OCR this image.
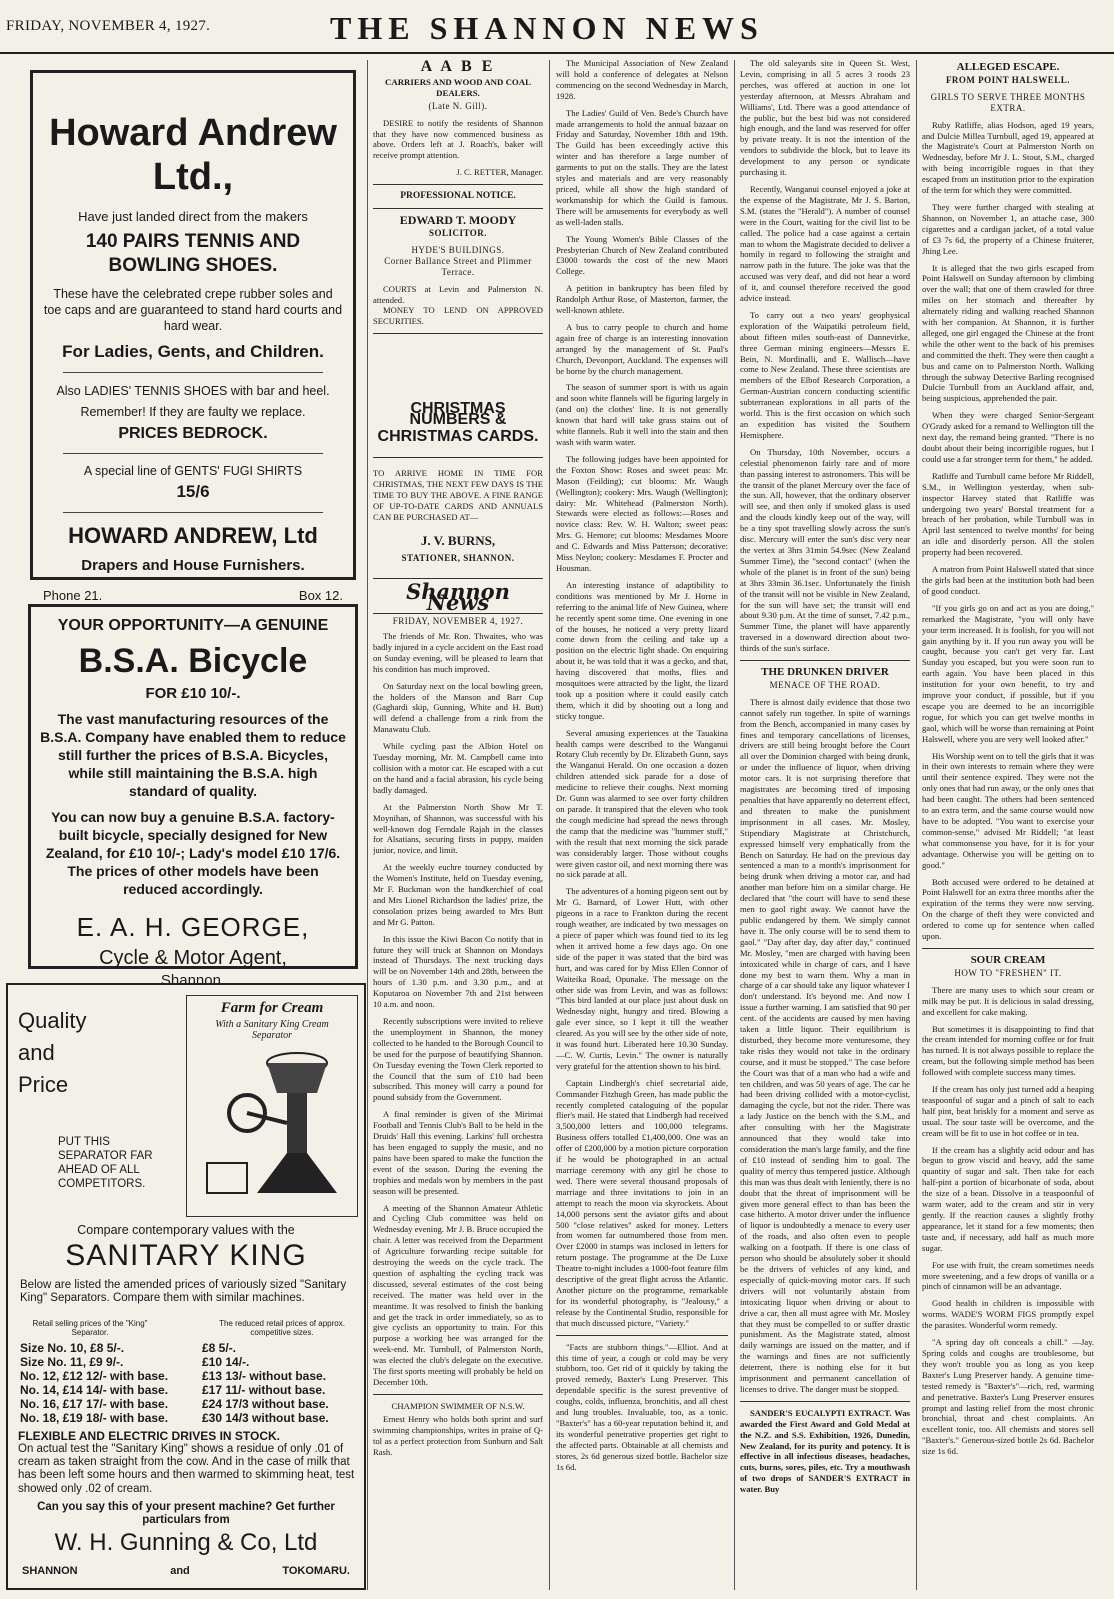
FRIDAY, NOVEMBER 4, 1927.	THE SHANNON NEWS
Howard Andrew Ltd.,
Have just landed direct from the makers
140 PAIRS TENNIS AND BOWLING SHOES.
These have the celebrated crepe rubber soles and toe caps and are guaranteed to stand hard courts and hard wear.
For Ladies, Gents, and Children.
Also LADIES' TENNIS SHOES with bar and heel.
Remember! If they are faulty we replace.
PRICES BEDROCK.
A special line of GENTS' FUGI SHIRTS
15/6
HOWARD ANDREW, Ltd
Drapers and House Furnishers.
Phone 21.	Box 12.
YOUR OPPORTUNITY—A GENUINE
B.S.A. Bicycle
FOR £10 10/-.
The vast manufacturing resources of the B.S.A. Company have enabled them to reduce still further the prices of B.S.A. Bicycles, while still maintaining the B.S.A. high standard of quality.
You can now buy a genuine B.S.A. factory-built bicycle, specially designed for New Zealand, for £10 10/-; Lady's model £10 17/6. The prices of other models have been reduced accordingly.
E. A. H. GEORGE,
Cycle & Motor Agent,
Shannon.
Quality
and
Price
PUT THIS SEPARATOR FAR AHEAD OF ALL COMPETITORS.
Farm for Cream
With a Sanitary King Cream Separator
Compare contemporary values with the
SANITARY KING
Below are listed the amended prices of variously sized "Sanitary King" Separators. Compare them with similar machines.
Retail selling prices of the "King" Separator.
The reduced retail prices of approx. competitive sizes.
Size No. 10, £8 5/-.	£8 5/-.
Size No. 11, £9 9/-.	£10 14/-.
No. 12, £12 12/- with base.	£13 13/- without base.
No. 14, £14 14/- with base.	£17 11/- without base.
No. 16, £17 17/- with base.	£24 17/3 without base.
No. 18, £19 18/- with base.	£30 14/3 without base.
FLEXIBLE AND ELECTRIC DRIVES IN STOCK.
On actual test the "Sanitary King" shows a residue of only .01 of cream as taken straight from the cow. And in the case of milk that has been left some hours and then warmed to skimming heat, test showed only .02 of cream.
Can you say this of your present machine? Get further particulars from
W. H. Gunning & Co, Ltd
SHANNON	and	TOKOMARU.
A A B E
CARRIERS AND WOOD AND COAL DEALERS.
(Late N. Gill).

DESIRE to notify the residents of Shannon that they have now commenced business as above. Orders left at J. Roach's, baker will receive prompt attention.

J. C. RETTER, Manager.
PROFESSIONAL NOTICE.
EDWARD T. MOODY
SOLICITOR.
HYDE'S BUILDINGS.
Corner Ballance Street and Plimmer Terrace.

COURTS at Levin and Palmerston N. attended.

MONEY TO LEND ON APPROVED SECURITIES.

CHRISTMAS NUMBERS &
CHRISTMAS CARDS.

TO ARRIVE HOME IN TIME FOR CHRISTMAS, THE NEXT FEW DAYS IS THE TIME TO BUY THE ABOVE. A FINE RANGE OF UP-TO-DATE CARDS AND ANNUALS CAN BE PURCHASED AT—

J. V. BURNS,
STATIONER, SHANNON.
Shannon News
FRIDAY, NOVEMBER 4, 1927.

The friends of Mr. Ron. Thwaites, who was badly injured in a cycle accident on the East road on Sunday evening, will be pleased to learn that his condition has much improved.

On Saturday next on the local bowling green, the holders of the Manson and Barr Cup (Gaghardi skip, Gunning, White and H. Butt) will defend a challenge from a rink from the Manawatu Club.

While cycling past the Albion Hotel on Tuesday morning, Mr. M. Campbell came into collision with a motor car. He escaped with a cut on the hand and a facial abrasion, his cycle being badly damaged.

At the Palmerston North Show Mr T. Moynihan, of Shannon, was successful with his well-known dog Ferndale Rajah in the classes for Alsatians, securing firsts in puppy, maiden junior, novice, and limit.

At the weekly euchre tourney conducted by the Women's Institute, held on Tuesday evening, Mr F. Buckman won the handkerchief of coal and Mrs Lionel Richardson the ladies' prize, the consolation prizes being awarded to Mrs Butt and Mr G. Patton.

In this issue the Kiwi Bacon Co notify that in future they will truck at Shannon on Mondays instead of Thursdays. The next trucking days will be on November 14th and 28th, between the hours of 1.30 p.m. and 3.30 p.m., and at Koputaroa on November 7th and 21st between 10 a.m. and noon.

Recently subscriptions were invited to relieve the unemployment in Shannon, the money collected to be handed to the Borough Council to be used for the purpose of beautifying Shannon. On Tuesday evening the Town Clerk reported to the Council that the sum of £10 had been subscribed. This money will carry a pound for pound subsidy from the Government.

A final reminder is given of the Mirimai Football and Tennis Club's Ball to be held in the Druids' Hall this evening. Larkins' full orchestra has been engaged to supply the music, and no pains have been spared to make the function the event of the season. During the evening the trophies and medals won by members in the past season will be presented.

A meeting of the Shannon Amateur Athletic and Cycling Club committee was held on Wednesday evening. Mr J. B. Bruce occupied the chair. A letter was received from the Department of Agriculture forwarding recipe suitable for destroying the weeds on the cycle track. The question of asphalting the cycling track was discussed, several estimates of the cost being received. The matter was held over in the meantime. It was resolved to finish the banking and get the track in order immediately, so as to give cyclists an opportunity to train. For this purpose a working bee was arranged for the week-end. Mr. Turnbull, of Palmerston North, was elected the club's delegate on the executive. The first sports meeting will probably be held on December 10th.

CHAMPION SWIMMER OF N.S.W.

Ernest Henry who holds both sprint and surf swimming championships, writes in praise of Q-tol as a perfect protection from Sunburn and Salt Rash.

The Municipal Association of New Zealand will hold a conference of delegates at Nelson commencing on the second Wednesday in March, 1928.

The Ladies' Guild of Ven. Bede's Church have made arrangements to hold the annual bazaar on Friday and Saturday, November 18th and 19th. The Guild has been exceedingly active this winter and has therefore a large number of garments to put on the stalls. They are the latest styles and materials and are very reasonably priced, while all show the high standard of workmanship for which the Guild is famous. There will be amusements for everybody as well as well-laden stalls.

The Young Women's Bible Classes of the Presbyterian Church of New Zealand contributed £3000 towards the cost of the new Maori College.

A petition in bankruptcy has been filed by Randolph Arthur Rose, of Masterton, farmer, the well-known athlete.

A bus to carry people to church and home again free of charge is an interesting innovation arranged by the management of St. Paul's Church, Devonport, Auckland. The expenses will be borne by the church management.

The season of summer sport is with us again and soon white flannels will be figuring largely in (and on) the clothes' line. It is not generally known that hard will take grass stains out of white flannels. Rub it well into the stain and then wash with warm water.

The following judges have been appointed for the Foxton Show: Roses and sweet peas: Mr. Mason (Feilding); cut blooms: Mr. Waugh (Wellington); cookery: Mrs. Waugh (Wellington); dairy: Mr. Whitehead (Palmerston North). Stewards were elected as follows:—Roses and novice class: Rev. W. H. Walton; sweet peas: Mrs. G. Hemore; cut blooms: Mesdames Moore and C. Edwards and Miss Patterson; decorative: Miss Neylon; cookery: Mesdames F. Procter and Housman.

An interesting instance of adaptibility to conditions was mentioned by Mr J. Horne in referring to the animal life of New Guinea, where he recently spent some time. One evening in one of the houses, he noticed a very pretty lizard come down from the ceiling and take up a position on the electric light shade. On enquiring about it, he was told that it was a gecko, and that, having discovered that moths, flies and mosquitoes were attracted by the light, the lizard took up a position where it could easily catch them, which it did by shooting out a long and sticky tongue.

Several amusing experiences at the Tauakina health camps were described to the Wanganui Rotary Club recently by Dr. Elizabeth Gunn, says the Wanganui Herald. On one occasion a dozen children attended sick parade for a dose of medicine to relieve their coughs. Next morning Dr. Gunn was alarmed to see over forty children on parade. It transpired that the eleven who took the cough medicine had spread the news through the camp that the medicine was "hummer stuff," with the result that next morning the sick parade was considerably larger. Those without coughs were given castor oil, and next morning there was no sick parade at all.

The adventures of a homing pigeon sent out by Mr G. Barnard, of Lower Hutt, with other pigeons in a race to Frankton during the recent rough weather, are indicated by two messages on a piece of paper which was found tied to its leg when it arrived home a few days ago. On one side of the paper it was stated that the bird was hurt, and was cared for by Miss Ellen Connor of Waiteika Road, Opunake. The message on the other side was from Levin, and was as follows: "This bird landed at our place just about dusk on Wednesday night, hungry and tired. Blowing a gale ever since, so I kept it till the weather cleared. As you will see by the other side of note, it was found hurt. Liberated here 10.30 Sunday.—C. W. Curtis, Levin." The owner is naturally very grateful for the attention shown to his bird.

Captain Lindbergh's chief secretarial aide, Commander Fitzhugh Green, has made public the recently completed cataloguing of the popular flier's mail. He stated that Lindbergh had received 3,500,000 letters and 100,000 telegrams. Business offers totalled £1,400,000. One was an offer of £200,000 by a motion picture corporation if he would be photographed in an actual marriage ceremony with any girl he chose to wed. There were several thousand proposals of marriage and three invitations to join in an attempt to reach the moon via skyrockets. About 14,000 persons sent the aviator gifts and about 500 "close relatives" asked for money. Letters from women far outnumbered those from men. Over £2000 in stamps was inclosed in letters for return postage. The programme at the De Luxe Theatre to-night includes a 1000-foot feature film descriptive of the great flight across the Atlantic. Another picture on the programme, remarkable for its wonderful photography, is "Jealousy," a release by the Continental Studio, responsible for that much discussed picture, "Variety."

"Facts are stubborn things."—Elliot. And at this time of year, a cough or cold may be very stubborn, too. Get rid of it quickly by taking the proved remedy, Baxter's Lung Preserver. This dependable specific is the surest preventive of coughs, colds, influenza, bronchitis, and all chest and lung troubles. Invaluable, too, as a tonic. "Baxter's" has a 60-year reputation behind it, and its wonderful penetrative properties get right to the affected parts. Obtainable at all chemists and stores, 2s 6d generous sized bottle. Bachelor size 1s 6d.

The old saleyards site in Queen St. West, Levin, comprising in all 5 acres 3 roods 23 perches, was offered at auction in one lot yesterday afternoon, at Messrs Abraham and Williams', Ltd. There was a good attendance of the public, but the best bid was not considered high enough, and the land was reserved for offer by private treaty. It is not the intention of the vendors to subdivide the block, but to leave its development to any person or syndicate purchasing it.

Recently, Wanganui counsel enjoyed a joke at the expense of the Magistrate, Mr J. S. Barton, S.M. (states the "Herald"). A number of counsel were in the Court, waiting for the civil list to be called. The police had a case against a certain man to whom the Magistrate decided to deliver a homily in regard to following the straight and narrow path in the future. The joke was that the accused was very deaf, and did not hear a word of it, and counsel therefore received the good advice instead.

To carry out a two years' geophysical exploration of the Waipatiki petroleum field, about fifteen miles south-east of Dannevirke, three German mining engineers—Messrs E. Bein, N. Mordinalli, and E. Wallisch—have come to New Zealand. These three scientists are members of the Elbof Research Corporation, a German-Austrian concern conducting scientific subterranean explorations in all parts of the world. This is the first occasion on which such an expedition has visited the Southern Hemisphere.

On Thursday, 10th November, occurs a celestial phenomenon fairly rare and of more than passing interest to astronomers. This will be the transit of the planet Mercury over the face of the sun. All, however, that the ordinary observer will see, and then only if smoked glass is used and the clouds kindly keep out of the way, will be a tiny spot travelling slowly across the sun's disc. Mercury will enter the sun's disc very near the vertex at 3hrs 31min 54.9sec (New Zealand Summer Time), the "second contact" (when the whole of the planet is in front of the sun) being at 3hrs 33min 36.1sec. Unfortunately the finish of the transit will not be visible in New Zealand, for the sun will have set; the transit will end about 9.30 p.m. At the time of sunset, 7.42 p.m., Summer Time, the planet will have apparently traversed in a downward direction about two-thirds of the sun's surface.

THE DRUNKEN DRIVER
MENACE OF THE ROAD.

There is almost daily evidence that those two cannot safely run together. In spite of warnings from the Bench, accompanied in many cases by fines and temporary cancellations of licenses, drivers are still being brought before the Court all over the Dominion charged with being drunk, or under the influence of liquor, when driving motor cars. It is not surprising therefore that magistrates are becoming tired of imposing penalties that have apparently no deterrent effect, and threaten to make the punishment imprisonment in all cases. Mr. Mosley, Stipendiary Magistrate at Christchurch, expressed himself very emphatically from the Bench on Saturday. He had on the previous day sentenced a man to a month's imprisonment for being drunk when driving a motor car, and had another man before him on a similar charge. He declared that "the court will have to send these men to gaol right away. We cannot have the public endangered by them. We simply cannot have it. The only course will be to send them to gaol." "Day after day, day after day," continued Mr. Mosley, "men are charged with having been intoxicated while in charge of cars, and I have done my best to warn them. Why a man in charge of a car should take any liquor whatever I don't understand. It's beyond me. And now I issue a further warning. I am satisfied that 90 per cent. of the accidents are caused by men having taken a little liquor. Their equilibrium is disturbed, they become more venturesome, they take risks they would not take in the ordinary course, and it must be stopped." The case before the Court was that of a man who had a wife and ten children, and was 50 years of age. The car he had been driving collided with a motor-cyclist, damaging the cycle, but not the rider. There was a lady Justice on the bench with the S.M., and after consulting with her the Magistrate announced that they would take into consideration the man's large family, and the fine of £10 instead of sending him to goal. The quality of mercy thus tempered justice. Although this man was thus dealt with leniently, there is no doubt that the threat of imprisonment will be given more general effect to than has been the case hitherto. A motor driver under the influence of liquor is undoubtedly a menace to every user of the roads, and also often even to people walking on a footpath. If there is one class of person who should be absolutely sober it should be the drivers of vehicles of any kind, and especially of quick-moving motor cars. If such drivers will not voluntarily abstain from intoxicating liquor when driving or about to drive a car, then all must agree with Mr. Mosley that they must be compelled to or suffer drastic punishment. As the Magistrate stated, almost daily warnings are issued on the matter, and if the warnings and fines are not sufficiently deterrent, there is nothing else for it but imprisonment and permanent cancellation of licenses to drive. The danger must be stopped.

SANDER'S EUCALYPTI EXTRACT. Was awarded the First Award and Gold Medal at the N.Z. and S.S. Exhibition, 1926, Dunedin, New Zealand, for its purity and potency. It is effective in all infectious diseases, headaches, cuts, burns, sores, piles, etc. Try a mouthwash of two drops of SANDER'S EXTRACT in water. Buy

ALLEGED ESCAPE.
FROM POINT HALSWELL.
GIRLS TO SERVE THREE MONTHS EXTRA.

Ruby Ratliffe, alias Hodson, aged 19 years, and Dulcie Millea Turnbull, aged 19, appeared at the Magistrate's Court at Palmerston North on Wednesday, before Mr J. L. Stout, S.M., charged with being incorrigible rogues in that they escaped from an institution prior to the expiration of the term for which they were committed.

They were further charged with stealing at Shannon, on November 1, an attache case, 300 cigarettes and a cardigan jacket, of a total value of £3 7s 6d, the property of a Chinese fruiterer, Jhing Lee.

It is alleged that the two girls escaped from Point Halswell on Sunday afternoon by climbing over the wall; that one of them crawled for three miles on her stomach and thereafter by alternately riding and walking reached Shannon with her companion. At Shannon, it is further alleged, one girl engaged the Chinese at the front while the other went to the back of his premises and committed the theft. They were then caught a bus and came on to Palmerston North. Walking through the subway Detective Barling recognised Dulcie Turnbull from an Auckland affair, and, being suspicious, apprehended the pair.

When they were charged Senior-Sergeant O'Grady asked for a remand to Wellington till the next day, the remand being granted. "There is no doubt about their being incorrigible rogues, but I could use a far stronger term for them," he added.

Ratliffe and Turnbull came before Mr Riddell, S.M., in Wellington yesterday, when sub-inspector Harvey stated that Ratliffe was undergoing two years' Borstal treatment for a breach of her probation, while Turnbull was in April last sentenced to twelve months' for being an idle and disorderly person. All the stolen property had been recovered.

A matron from Point Halswell stated that since the girls had been at the institution both had been of good conduct.

"If you girls go on and act as you are doing," remarked the Magistrate, "you will only have your term increased. It is foolish, for you will not gain anything by it. If you run away you will be caught, because you can't get very far. Last Sunday you escaped, but you were soon run to earth again. You have been placed in this institution for your own benefit, to try and improve your conduct, if possible, but if you escape you are deemed to be an incorrigible rogue, for which you can get twelve months in gaol, which will be worse than remaining at Point Halswell, where you are very well looked after."

His Worship went on to tell the girls that it was in their own interests to remain where they were until their sentence expired. They were not the only ones that had run away, or the only ones that had been caught. The others had been sentenced to an extra term, and the same course would now have to be adopted. "You want to exercise your common-sense," advised Mr Riddell; "at least what commonsense you have, for it is for your advantage. Otherwise you will be getting on to good."

Both accused were ordered to be detained at Point Halswell for an extra three months after the expiration of the terms they were now serving. On the charge of theft they were convicted and ordered to come up for sentence when called upon.

SOUR CREAM
HOW TO "FRESHEN" IT.

There are many uses to which sour cream or milk may be put. It is delicious in salad dressing, and excellent for cake making.

But sometimes it is disappointing to find that the cream intended for morning coffee or for fruit has turned. It is not always possible to replace the cream, but the following simple method has been followed with complete success many times.

If the cream has only just turned add a heaping teaspoonful of sugar and a pinch of salt to each half pint, beat briskly for a moment and serve as usual. The sour taste will be overcome, and the cream will be fit to use in hot coffee or in tea.

If the cream has a slightly acid odour and has begun to grow viscid and heavy, add the same quantity of sugar and salt. Then take for each half-pint a portion of bicarbonate of soda, about the size of a bean. Dissolve in a teaspoonful of warm water, add to the cream and stir in very gently. If the reaction causes a slightly frothy appearance, let it stand for a few moments; then taste and, if necessary, add half as much more sugar.

For use with fruit, the cream sometimes needs more sweetening, and a few drops of vanilla or a pinch of cinnamon will be an advantage.

Good health in children is impossible with worms. WADE'S WORM FIGS promptly expel the parasites. Wonderful worm remedy.

"A spring day oft conceals a chill." —Jay. Spring colds and coughs are troublesome, but they won't trouble you as long as you keep Baxter's Lung Preserver handy. A genuine time-tested remedy is "Baxter's"—rich, red, warming and penetrative. Baxter's Lung Preserver ensures prompt and lasting relief from the most chronic bronchial, throat and chest complaints. An excellent tonic, too. All chemists and stores sell "Baxter's." Generous-sized bottle 2s 6d. Bachelor size 1s 6d.
